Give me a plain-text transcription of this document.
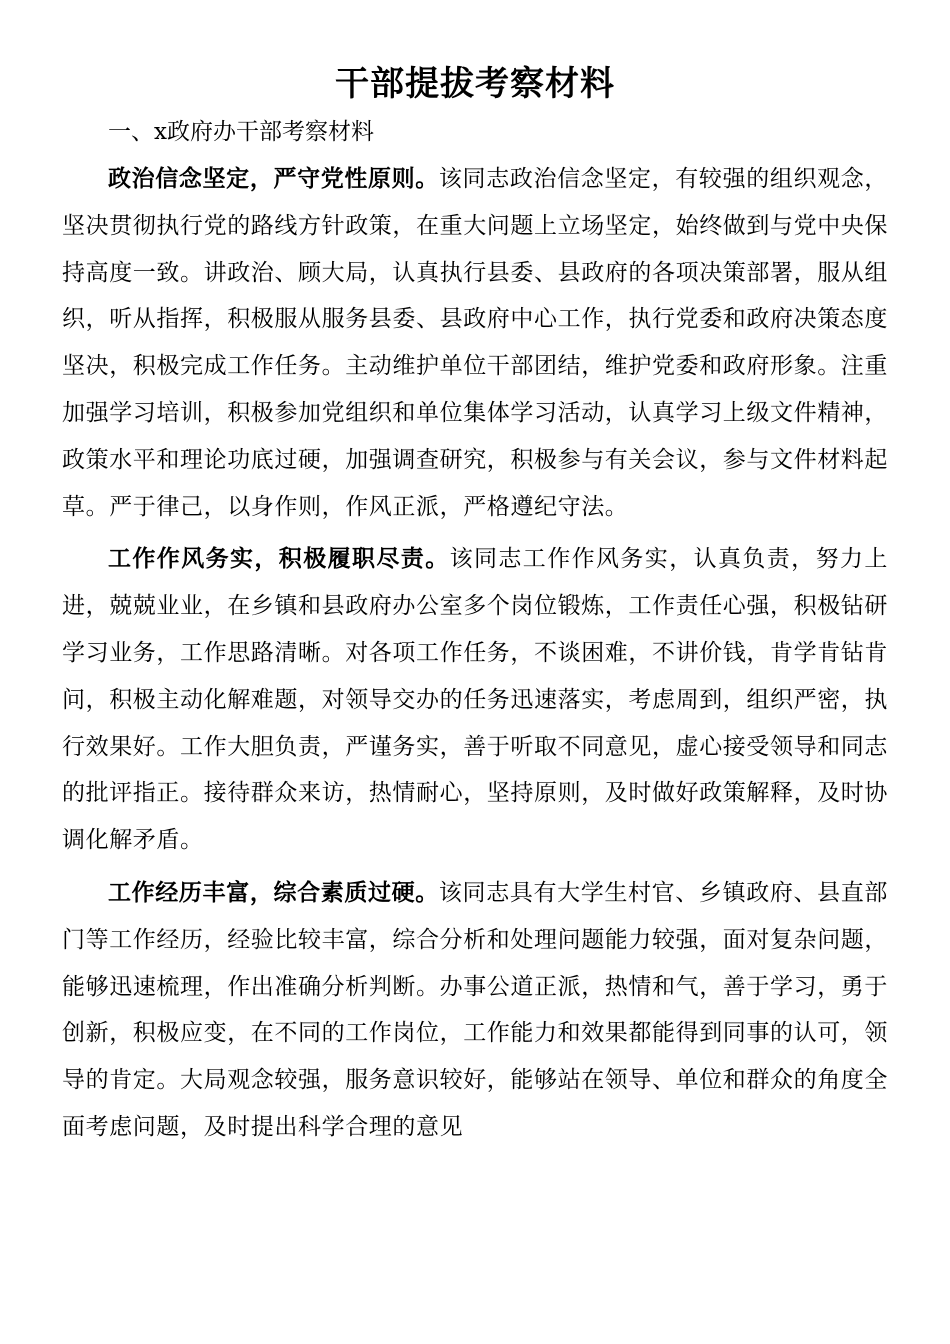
干部提拔考察材料
一、x政府办干部考察材料

政治信念坚定，严守党性原则。该同志政治信念坚定，有较强的组织观念，坚决贯彻执行党的路线方针政策，在重大问题上立场坚定，始终做到与党中央保持高度一致。讲政治、顾大局，认真执行县委、县政府的各项决策部署，服从组织，听从指挥，积极服从服务县委、县政府中心工作，执行党委和政府决策态度坚决，积极完成工作任务。主动维护单位干部团结，维护党委和政府形象。注重加强学习培训，积极参加党组织和单位集体学习活动，认真学习上级文件精神，政策水平和理论功底过硬，加强调查研究，积极参与有关会议，参与文件材料起草。严于律己，以身作则，作风正派，严格遵纪守法。

工作作风务实，积极履职尽责。该同志工作作风务实，认真负责，努力上进，兢兢业业，在乡镇和县政府办公室多个岗位锻炼，工作责任心强，积极钻研学习业务，工作思路清晰。对各项工作任务，不谈困难，不讲价钱，肯学肯钻肯问，积极主动化解难题，对领导交办的任务迅速落实，考虑周到，组织严密，执行效果好。工作大胆负责，严谨务实，善于听取不同意见，虚心接受领导和同志的批评指正。接待群众来访，热情耐心，坚持原则，及时做好政策解释，及时协调化解矛盾。

工作经历丰富，综合素质过硬。该同志具有大学生村官、乡镇政府、县直部门等工作经历，经验比较丰富，综合分析和处理问题能力较强，面对复杂问题，能够迅速梳理，作出准确分析判断。办事公道正派，热情和气，善于学习，勇于创新，积极应变，在不同的工作岗位，工作能力和效果都能得到同事的认可，领导的肯定。大局观念较强，服务意识较好，能够站在领导、单位和群众的角度全面考虑问题，及时提出科学合理的意见
